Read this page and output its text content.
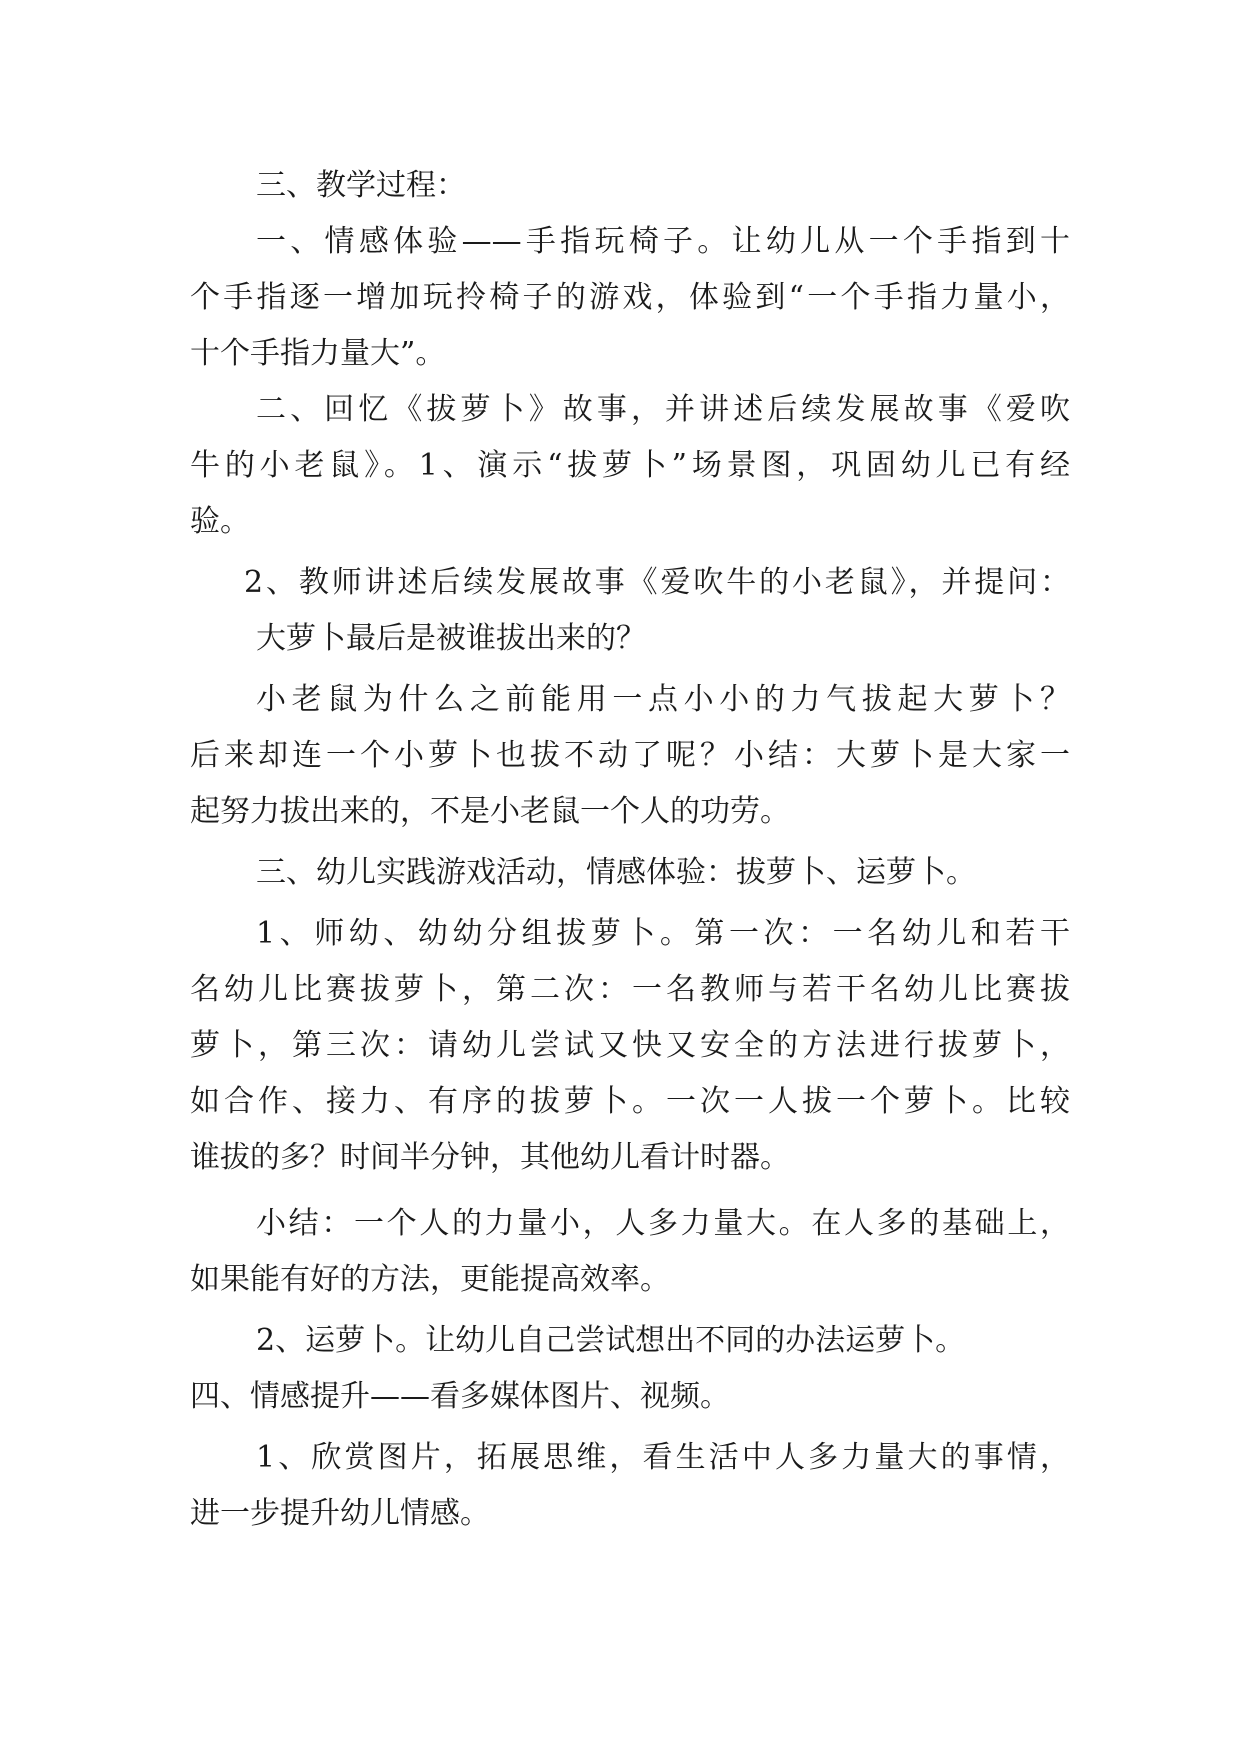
三、教学过程：
一、情感体验——手指玩椅子。让幼儿从一个手指到十
个手指逐一增加玩拎椅子的游戏，体验到“一个手指力量小，
十个手指力量大”。
二、回忆《拔萝卜》故事，并讲述后续发展故事《爱吹
牛的小老鼠》。1、演示“拔萝卜”场景图，巩固幼儿已有经
验。
2、教师讲述后续发展故事《爱吹牛的小老鼠》，并提问：
大萝卜最后是被谁拔出来的？
小老鼠为什么之前能用一点小小的力气拔起大萝卜？
后来却连一个小萝卜也拔不动了呢？小结：大萝卜是大家一
起努力拔出来的，不是小老鼠一个人的功劳。
三、幼儿实践游戏活动，情感体验：拔萝卜、运萝卜。
1、师幼、幼幼分组拔萝卜。第一次：一名幼儿和若干
名幼儿比赛拔萝卜，第二次：一名教师与若干名幼儿比赛拔
萝卜，第三次：请幼儿尝试又快又安全的方法进行拔萝卜，
如合作、接力、有序的拔萝卜。一次一人拔一个萝卜。比较
谁拔的多？时间半分钟，其他幼儿看计时器。
小结：一个人的力量小，人多力量大。在人多的基础上，
如果能有好的方法，更能提高效率。
2、运萝卜。让幼儿自己尝试想出不同的办法运萝卜。
四、情感提升——看多媒体图片、视频。
1、欣赏图片，拓展思维，看生活中人多力量大的事情，
进一步提升幼儿情感。
